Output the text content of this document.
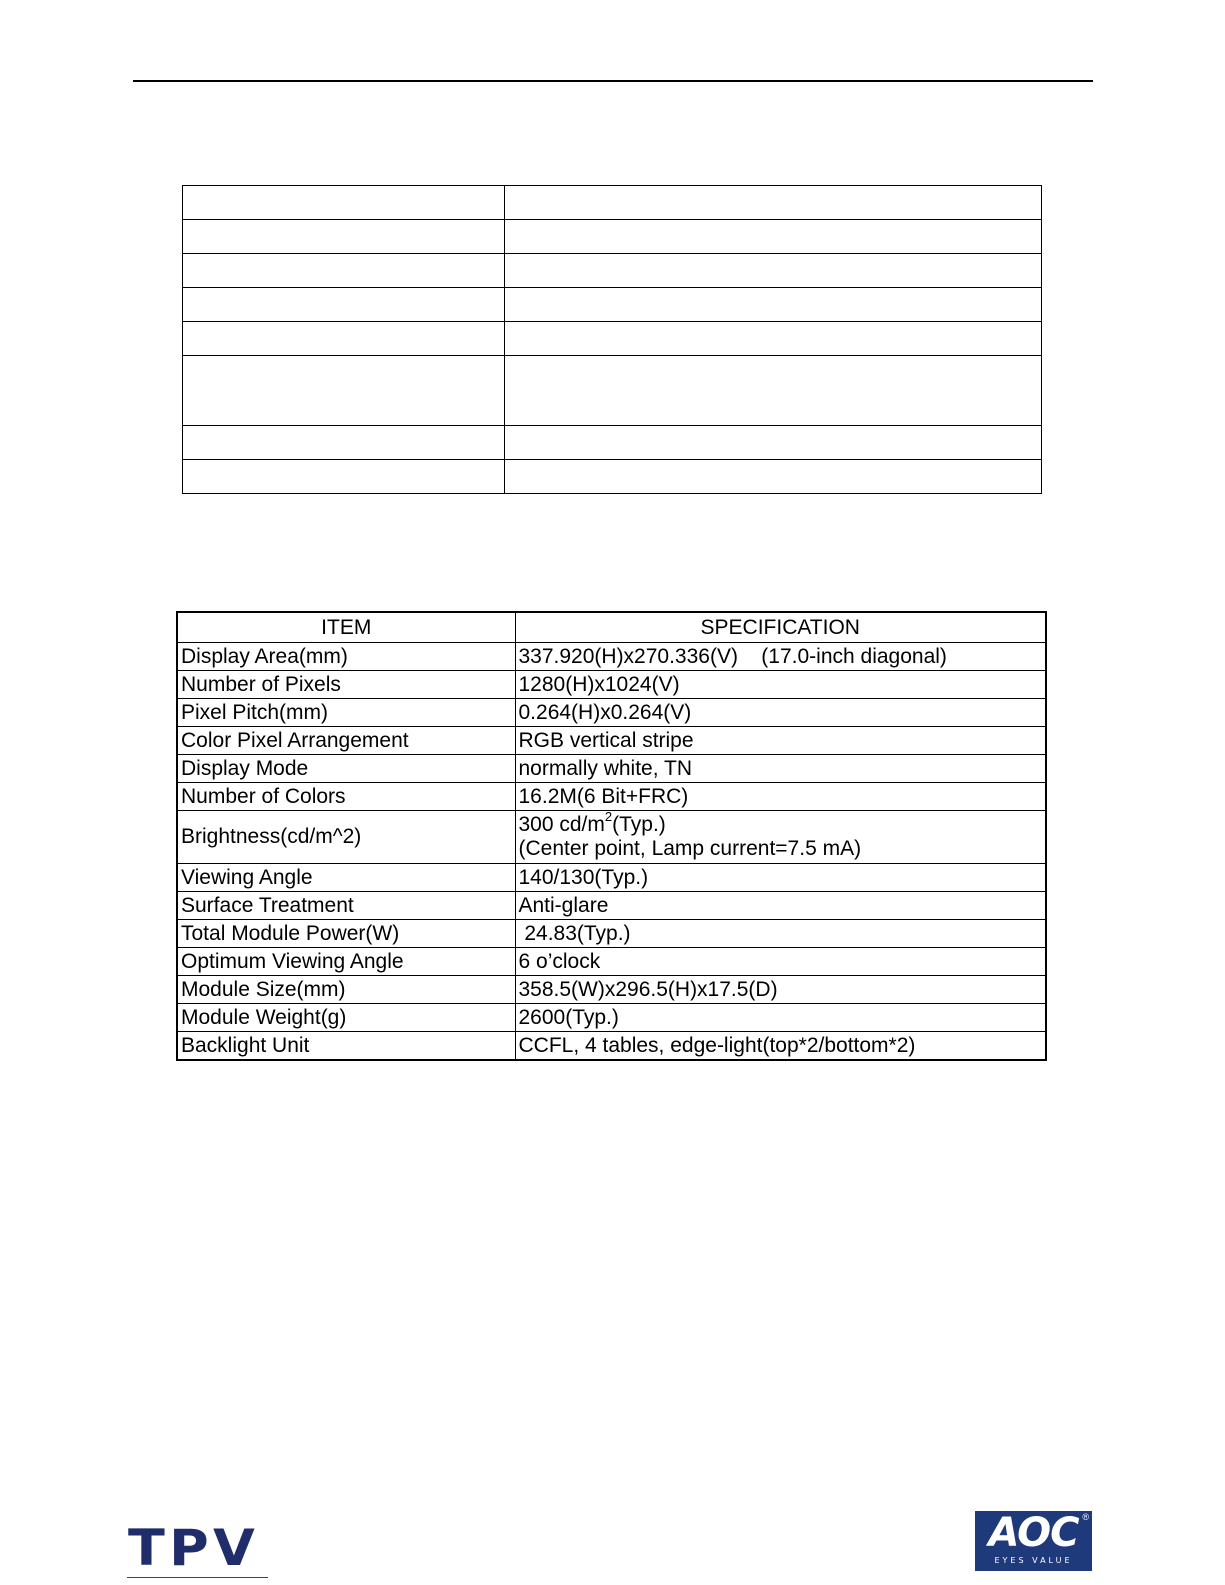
ITEM	SPECIFICATION
Display Area(mm)	337.920(H)x270.336(V)    (17.0-inch diagonal)
Number of Pixels	1280(H)x1024(V)
Pixel Pitch(mm)	0.264(H)x0.264(V)
Color Pixel Arrangement	RGB vertical stripe
Display Mode	normally white, TN
Number of Colors	16.2M(6 Bit+FRC)
Brightness(cd/m^2)	300 $cd/m^2(Typ.)$
(Center point, Lamp current=7.5 mA)

Viewing Angle	140/130(Typ.)
Surface Treatment	Anti-glare
Total Module Power(W)	24.83(Typ.)
Optimum Viewing Angle	6 o’clock
Module Size(mm)	358.5(W)x296.5(H)x17.5(D)
Module Weight(g)	2600(Typ.)
Backlight Unit	CCFL, 4 tables, edge-light(top*2/bottom*2)
TPV
®
AOC
EYES VALUE
